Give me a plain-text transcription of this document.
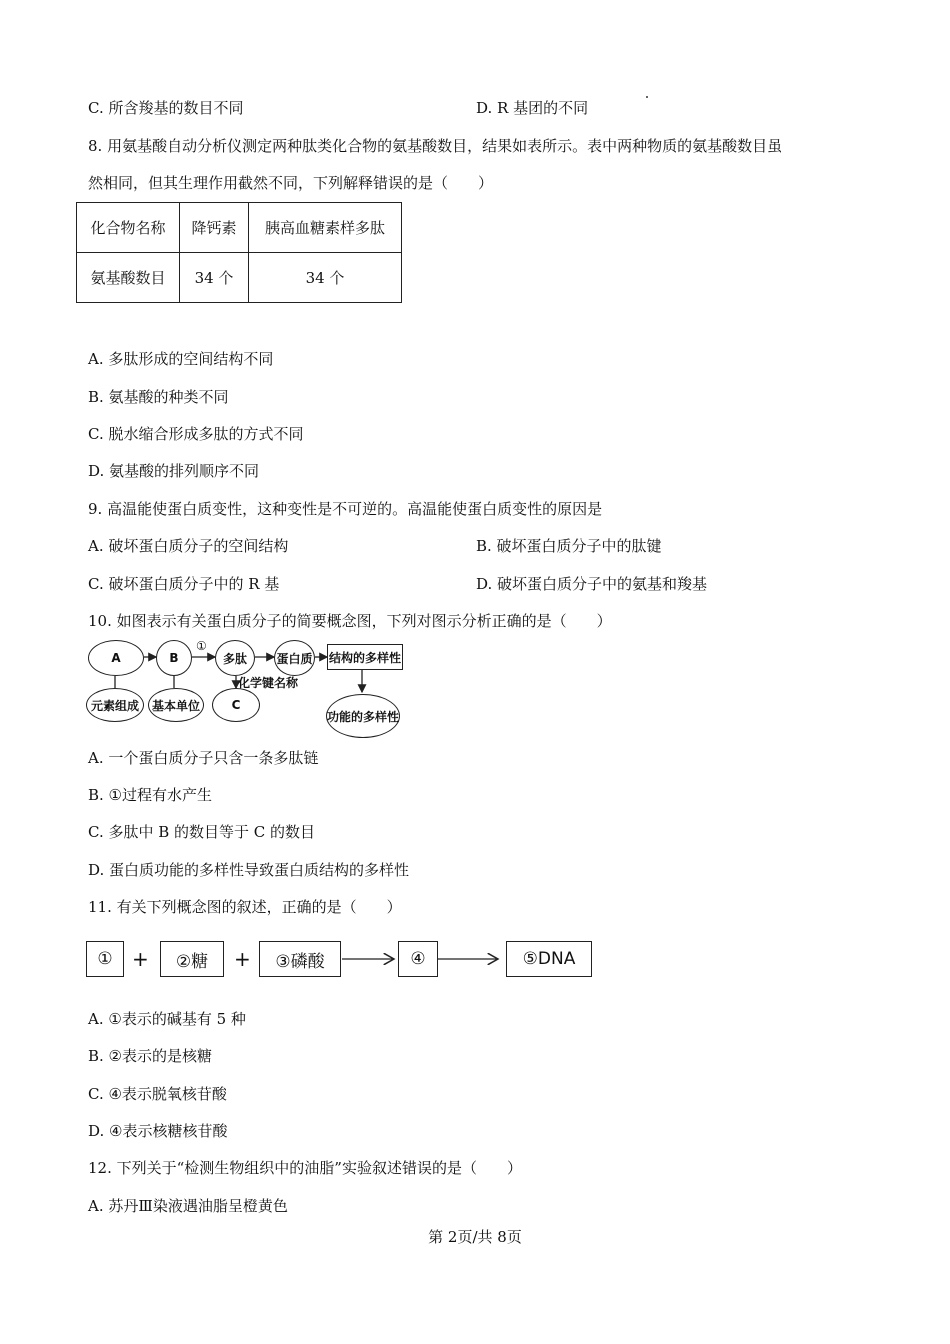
C. 所含羧基的数目不同	D. R 基团的不同
8. 用氨基酸自动分析仪测定两种肽类化合物的氨基酸数目，结果如表所示。表中两种物质的氨基酸数目虽
然相同，但其生理作用截然不同，下列解释错误的是（　　）
化合物名称	降钙素	胰高血糖素样多肽
氨基酸数目	34 个	34 个
A. 多肽形成的空间结构不同
B. 氨基酸的种类不同
C. 脱水缩合形成多肽的方式不同
D. 氨基酸的排列顺序不同
9. 高温能使蛋白质变性，这种变性是不可逆的。高温能使蛋白质变性的原因是
A. 破坏蛋白质分子的空间结构	B. 破坏蛋白质分子中的肽键
C. 破坏蛋白质分子中的 R 基	D. 破坏蛋白质分子中的氨基和羧基
10. 如图表示有关蛋白质分子的简要概念图，下列对图示分析正确的是（　　）
A	B
①
多肽	蛋白质 结构的多样性
化学键名称
元素组成	基本单位	C
功能的多样性
A. 一个蛋白质分子只含一条多肽链
B. ①过程有水产生
C. 多肽中 B 的数目等于 C 的数目
D. 蛋白质功能的多样性导致蛋白质结构的多样性
11. 有关下列概念图的叙述，正确的是（　　）
① +	②糖	+	③磷酸	④	⑤DNA
A. ①表示的碱基有 5 种
B. ②表示的是核糖
C. ④表示脱氧核苷酸
D. ④表示核糖核苷酸
12. 下列关于“检测生物组织中的油脂”实验叙述错误的是（　　）
A. 苏丹Ⅲ染液遇油脂呈橙黄色
第 2页/共 8页
